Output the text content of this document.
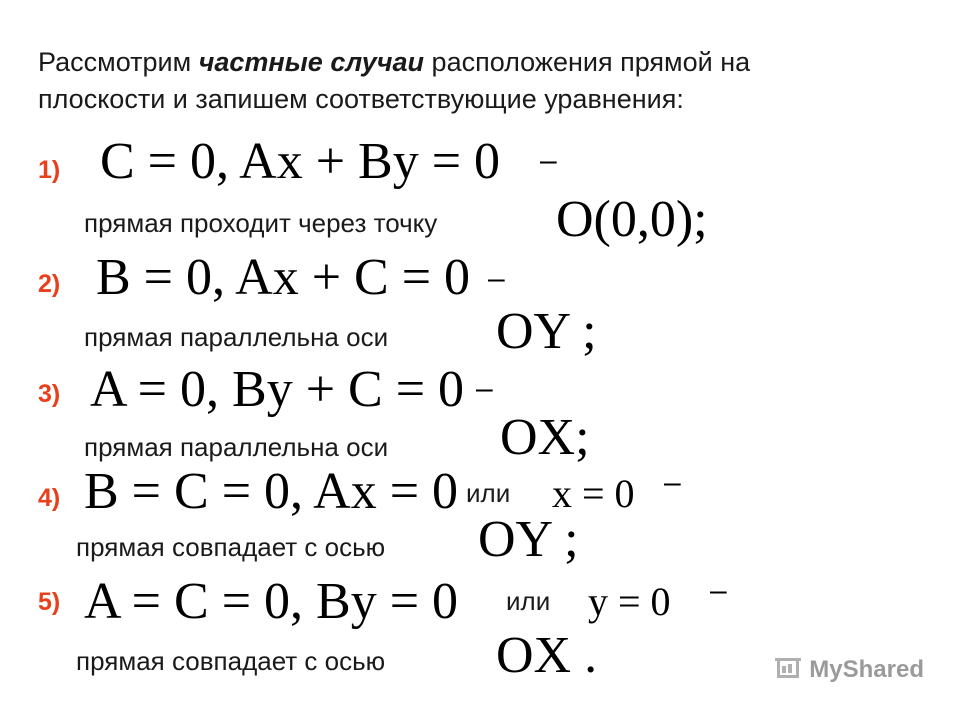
Рассмотрим частные случаи расположения прямой на
плоскости и запишем соответствующие уравнения:
1) C = 0, Ax + By = 0 –
прямая проходит через точку O(0,0);
2) B = 0, Ax + C = 0 –
прямая параллельна оси OY ;
3) A = 0, By + C = 0 –
прямая параллельна оси OX;
4) B = C = 0, Ax = 0 или x = 0 –
прямая совпадает с осью OY ;
5) A = C = 0, By = 0 или y = 0 –
прямая совпадает с осью OX .	MyShared
